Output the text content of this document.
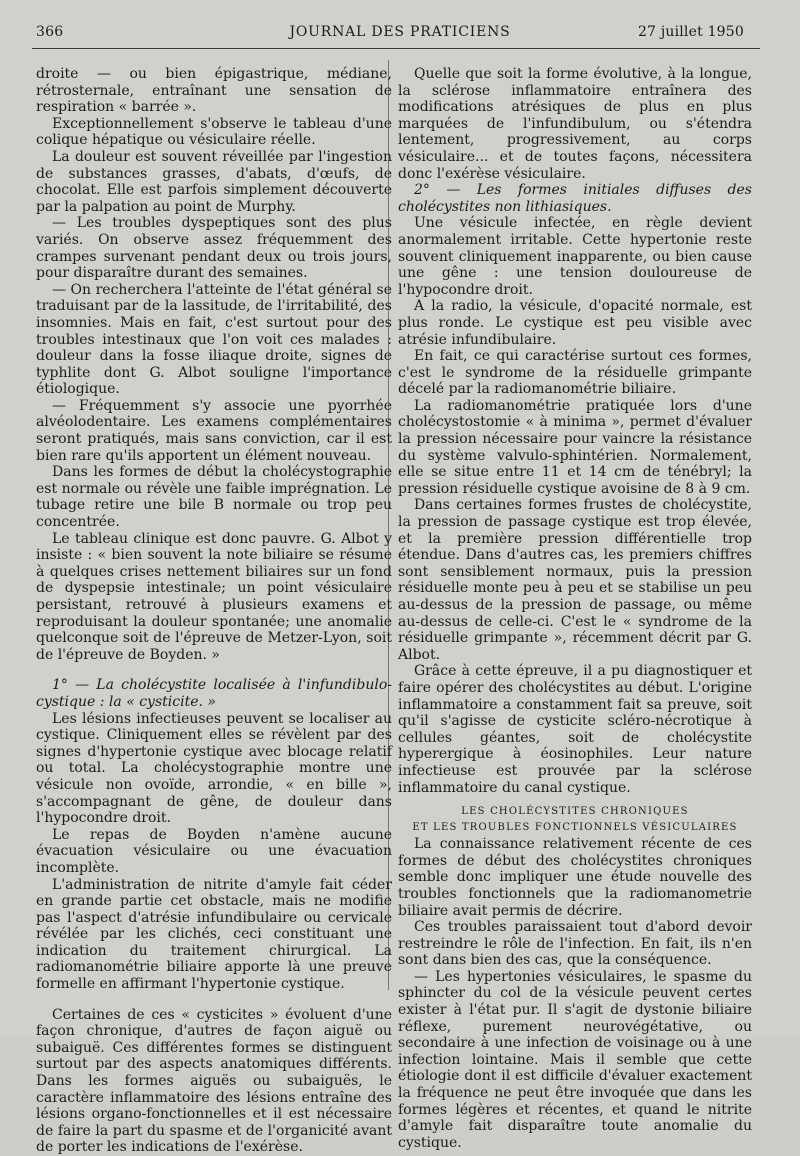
366	JOURNAL DES PRATICIENS	27 juillet 1950

droite — ou bien épigastrique, médiane, rétrosternale, entraînant une sensation de respiration « barrée ».

Exceptionnellement s'observe le tableau d'une colique hépatique ou vésiculaire réelle.

La douleur est souvent réveillée par l'ingestion de substances grasses, d'abats, d'œufs, de chocolat. Elle est parfois simplement découverte par la palpation au point de Murphy.

— Les troubles dyspeptiques sont des plus variés. On observe assez fréquemment des crampes survenant pendant deux ou trois jours, pour disparaître durant des semaines.

— On recherchera l'atteinte de l'état général se traduisant par de la lassitude, de l'irritabilité, des insomnies. Mais en fait, c'est surtout pour des troubles intestinaux que l'on voit ces malades : douleur dans la fosse iliaque droite, signes de typhlite dont G. Albot souligne l'importance étiologique.

— Fréquemment s'y associe une pyorrhée alvéolodentaire. Les examens complémentaires seront pratiqués, mais sans conviction, car il est bien rare qu'ils apportent un élément nouveau.

Dans les formes de début la cholécystographie est normale ou révèle une faible imprégnation. Le tubage retire une bile B normale ou trop peu concentrée.

Le tableau clinique est donc pauvre. G. Albot y insiste : « bien souvent la note biliaire se résume à quelques crises nettement biliaires sur un fond de dyspepsie intestinale; un point vésiculaire persistant, retrouvé à plusieurs examens et reproduisant la douleur spontanée; une anomalie quelconque soit de l'épreuve de Metzer-Lyon, soit de l'épreuve de Boyden. »

1° — La cholécystite localisée à l'infundibulo-cystique : la « cysticite. »

Les lésions infectieuses peuvent se localiser au cystique. Cliniquement elles se révèlent par des signes d'hypertonie cystique avec blocage relatif ou total. La cholécystographie montre une vésicule non ovoïde, arrondie, « en bille », s'accompagnant de gêne, de douleur dans l'hypocondre droit.

Le repas de Boyden n'amène aucune évacuation vésiculaire ou une évacuation incomplète.

L'administration de nitrite d'amyle fait céder en grande partie cet obstacle, mais ne modifie pas l'aspect d'atrésie infundibulaire ou cervicale révélée par les clichés, ceci constituant une indication du traitement chirurgical. La radiomanométrie biliaire apporte là une preuve formelle en affirmant l'hypertonie cystique.

Certaines de ces « cysticites » évoluent d'une façon chronique, d'autres de façon aiguë ou subaiguë. Ces différentes formes se distinguent surtout par des aspects anatomiques différents. Dans les formes aiguës ou subaiguës, le caractère inflammatoire des lésions entraîne des lésions organo-fonctionnelles et il est nécessaire de faire la part du spasme et de l'organicité avant de porter les indications de l'exérèse.

Quelle que soit la forme évolutive, à la longue, la sclérose inflammatoire entraînera des modifications atrésiques de plus en plus marquées de l'infundibulum, ou s'étendra lentement, progressivement, au corps vésiculaire... et de toutes façons, nécessitera donc l'exérèse vésiculaire.

2° — Les formes initiales diffuses des cholécystites non lithiasiques.

Une vésicule infectée, en règle devient anormalement irritable. Cette hypertonie reste souvent cliniquement inapparente, ou bien cause une gêne : une tension douloureuse de l'hypocondre droit.

A la radio, la vésicule, d'opacité normale, est plus ronde. Le cystique est peu visible avec atrésie infundibulaire.

En fait, ce qui caractérise surtout ces formes, c'est le syndrome de la résiduelle grimpante décelé par la radiomanométrie biliaire.

La radiomanométrie pratiquée lors d'une cholécystostomie « à minima », permet d'évaluer la pression nécessaire pour vaincre la résistance du système valvulo-sphintérien. Normalement, elle se situe entre 11 et 14 cm de ténébryl; la pression résiduelle cystique avoisine de 8 à 9 cm.

Dans certaines formes frustes de cholécystite, la pression de passage cystique est trop élevée, et la première pression différentielle trop étendue. Dans d'autres cas, les premiers chiffres sont sensiblement normaux, puis la pression résiduelle monte peu à peu et se stabilise un peu au-dessus de la pression de passage, ou même au-dessus de celle-ci. C'est le « syndrome de la résiduelle grimpante », récemment décrit par G. Albot.

Grâce à cette épreuve, il a pu diagnostiquer et faire opérer des cholécystites au début. L'origine inflammatoire a constamment fait sa preuve, soit qu'il s'agisse de cysticite scléro-nécrotique à cellules géantes, soit de cholécystite hyperergique à éosinophiles. Leur nature infectieuse est prouvée par la sclérose inflammatoire du canal cystique.

LES CHOLÉCYSTITES CHRONIQUES

ET LES TROUBLES FONCTIONNELS VÉSICULAIRES

La connaissance relativement récente de ces formes de début des cholécystites chroniques semble donc impliquer une étude nouvelle des troubles fonctionnels que la radiomanometrie biliaire avait permis de décrire.

Ces troubles paraissaient tout d'abord devoir restreindre le rôle de l'infection. En fait, ils n'en sont dans bien des cas, que la conséquence.

— Les hypertonies vésiculaires, le spasme du sphincter du col de la vésicule peuvent certes exister à l'état pur. Il s'agit de dystonie biliaire réflexe, purement neurovégétative, ou secondaire à une infection de voisinage ou à une infection lointaine. Mais il semble que cette étiologie dont il est difficile d'évaluer exactement la fréquence ne peut être invoquée que dans les formes légères et récentes, et quand le nitrite d'amyle fait disparaître toute anomalie du cystique.
